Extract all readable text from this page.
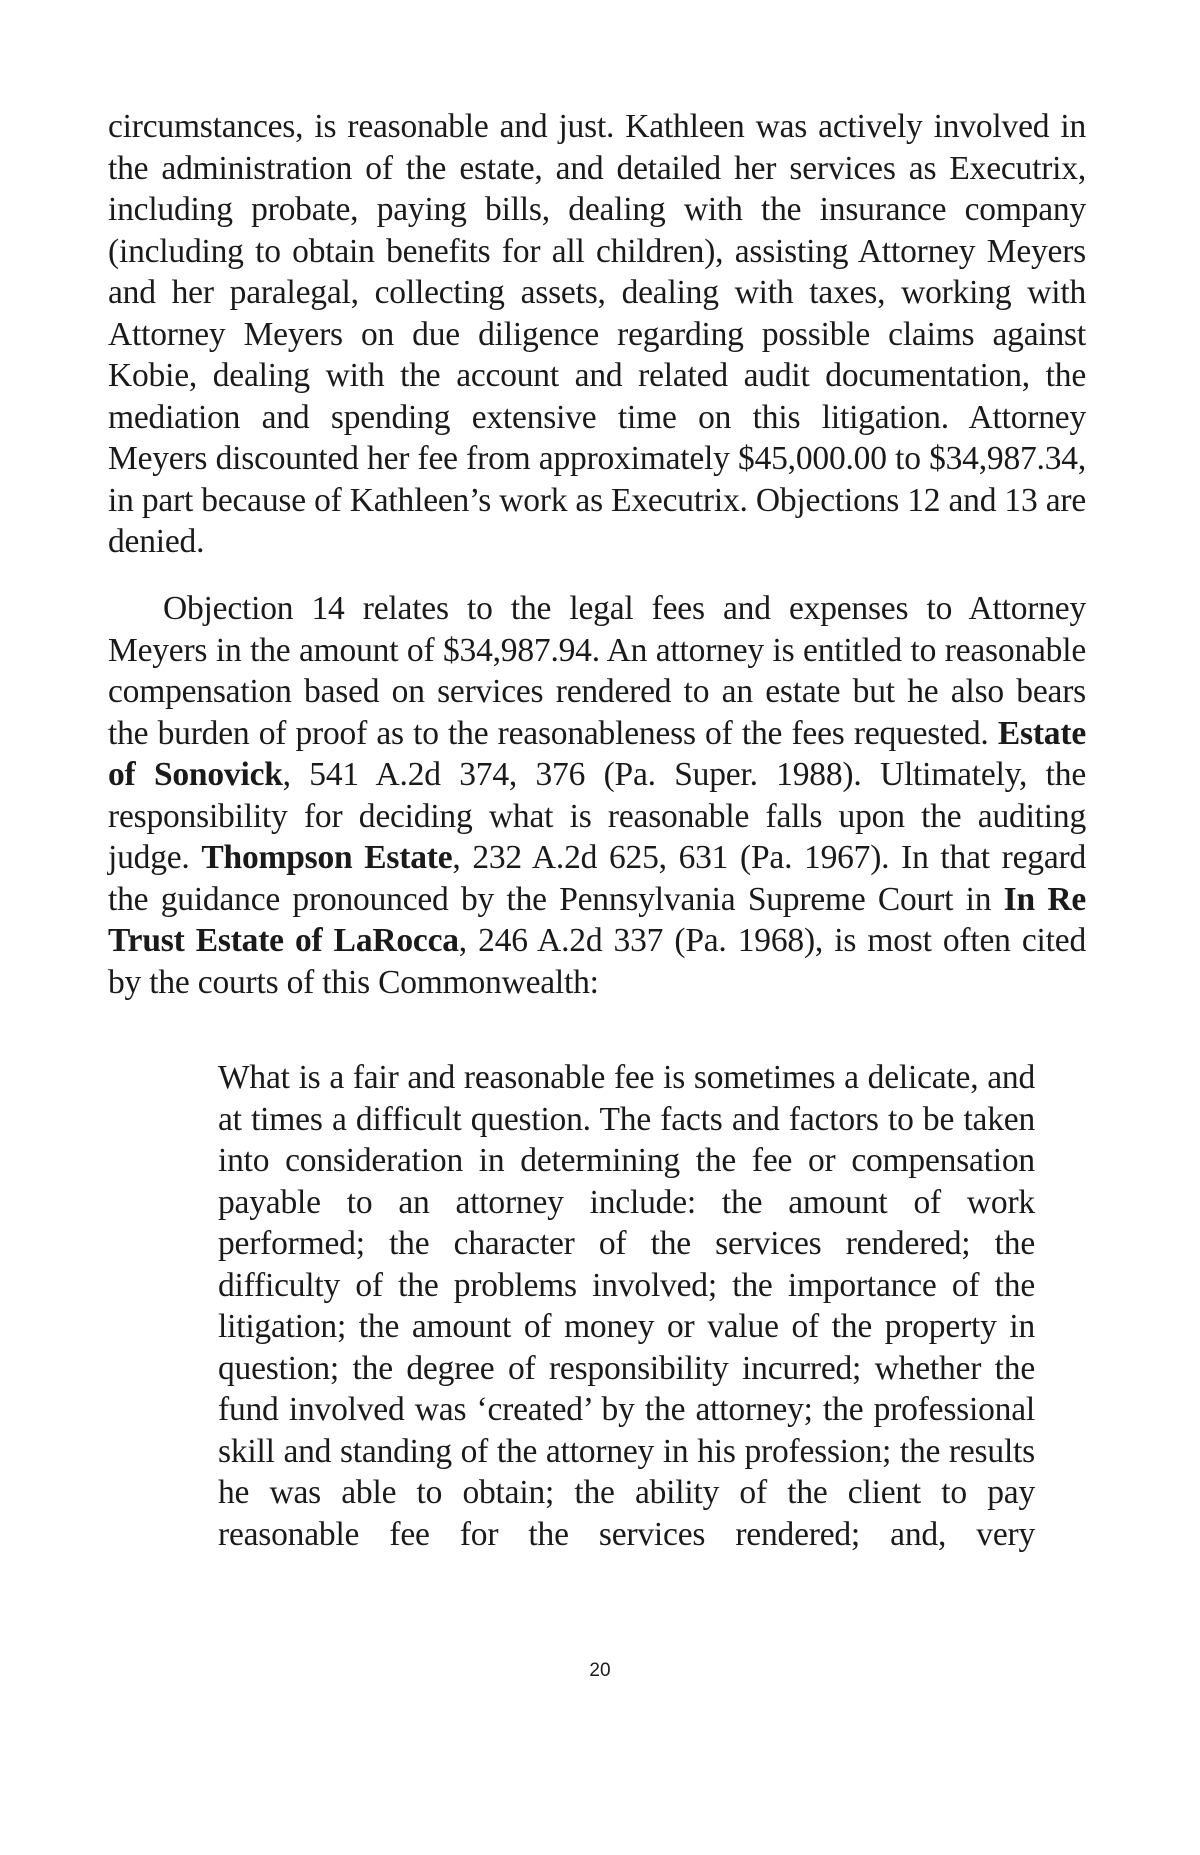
circumstances, is reasonable and just. Kathleen was actively involved in the administration of the estate, and detailed her services as Executrix, including probate, paying bills, dealing with the insurance company (including to obtain benefits for all children), assisting Attorney Meyers and her paralegal, collecting assets, dealing with taxes, working with Attorney Meyers on due diligence regarding possible claims against Kobie, dealing with the account and related audit documentation, the mediation and spending extensive time on this litigation. Attorney Meyers discounted her fee from approximately $45,000.00 to $34,987.34, in part because of Kathleen’s work as Executrix. Objections 12 and 13 are denied.

Objection 14 relates to the legal fees and expenses to Attorney Meyers in the amount of $34,987.94. An attorney is entitled to reasonable compensation based on services rendered to an estate but he also bears the burden of proof as to the reasonableness of the fees requested. Estate of Sonovick, 541 A.2d 374, 376 (Pa. Super. 1988). Ultimately, the responsibility for deciding what is reasonable falls upon the auditing judge. Thompson Estate, 232 A.2d 625, 631 (Pa. 1967). In that regard the guidance pronounced by the Pennsylvania Supreme Court in In Re Trust Estate of LaRocca, 246 A.2d 337 (Pa. 1968), is most often cited by the courts of this Commonwealth:

What is a fair and reasonable fee is sometimes a delicate, and at times a difficult question. The facts and factors to be taken into consideration in determining the fee or compensation payable to an attorney include: the amount of work performed; the character of the services rendered; the difficulty of the problems involved; the importance of the litigation; the amount of money or value of the property in question; the degree of responsibility incurred; whether the fund involved was ‘created’ by the attorney; the professional skill and standing of the attorney in his profession; the results he was able to obtain; the ability of the client to pay reasonable fee for the services rendered; and, very

20
